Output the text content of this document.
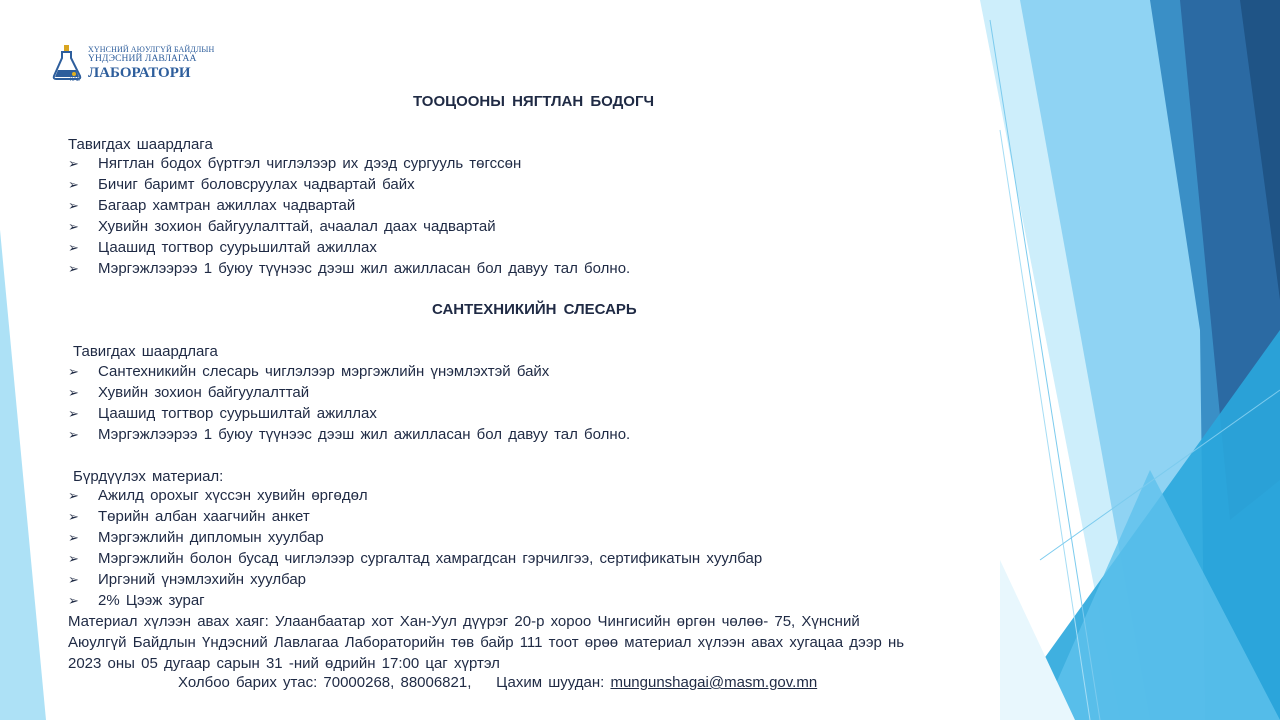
ХАБ
ХҮНСНИЙ АЮУЛГҮЙ БАЙДЛЫН
ҮНДЭСНИЙ ЛАВЛАГАА
ЛАБОРАТОРИ
ТООЦООНЫ НЯГТЛАН БОДОГЧ
Тавигдах шаардлага
➢ Нягтлан бодох бүртгэл чиглэлээр их дээд сургууль төгссөн
➢ Бичиг баримт боловсруулах чадвартай байх
➢ Багаар хамтран ажиллах чадвартай
➢ Хувийн зохион байгуулалттай, ачаалал даах чадвартай
➢ Цаашид тогтвор суурьшилтай ажиллах
➢ Мэргэжлээрээ 1 буюу түүнээс дээш жил ажилласан бол давуу тал болно.
САНТЕХНИКИЙН СЛЕСАРЬ
Тавигдах шаардлага
➢ Сантехникийн слесарь чиглэлээр мэргэжлийн үнэмлэхтэй байх
➢ Хувийн зохион байгуулалттай
➢ Цаашид тогтвор суурьшилтай ажиллах
➢ Мэргэжлээрээ 1 буюу түүнээс дээш жил ажилласан бол давуу тал болно.
Бүрдүүлэх материал:
➢ Ажилд орохыг хүссэн хувийн өргөдөл
➢ Төрийн албан хаагчийн анкет
➢ Мэргэжлийн дипломын хуулбар
➢ Мэргэжлийн болон бусад чиглэлээр сургалтад хамрагдсан гэрчилгээ, сертификатын хуулбар
➢ Иргэний үнэмлэхийн хуулбар
➢ 2% Цээж зураг
Материал хүлээн авах хаяг: Улаанбаатар хот Хан-Уул дүүрэг 20-р хороо Чингисийн өргөн чөлөө- 75, Хүнсний
Аюулгүй Байдлын Үндэсний Лавлагаа Лабораторийн төв байр 111 тоот өрөө материал хүлээн авах хугацаа дээр нь
2023 оны 05 дугаар сарын 31 -ний өдрийн 17:00 цаг хүртэл
Холбоо барих утас: 70000268, 88006821, Цахим шуудан: mungunshagai@masm.gov.mn
